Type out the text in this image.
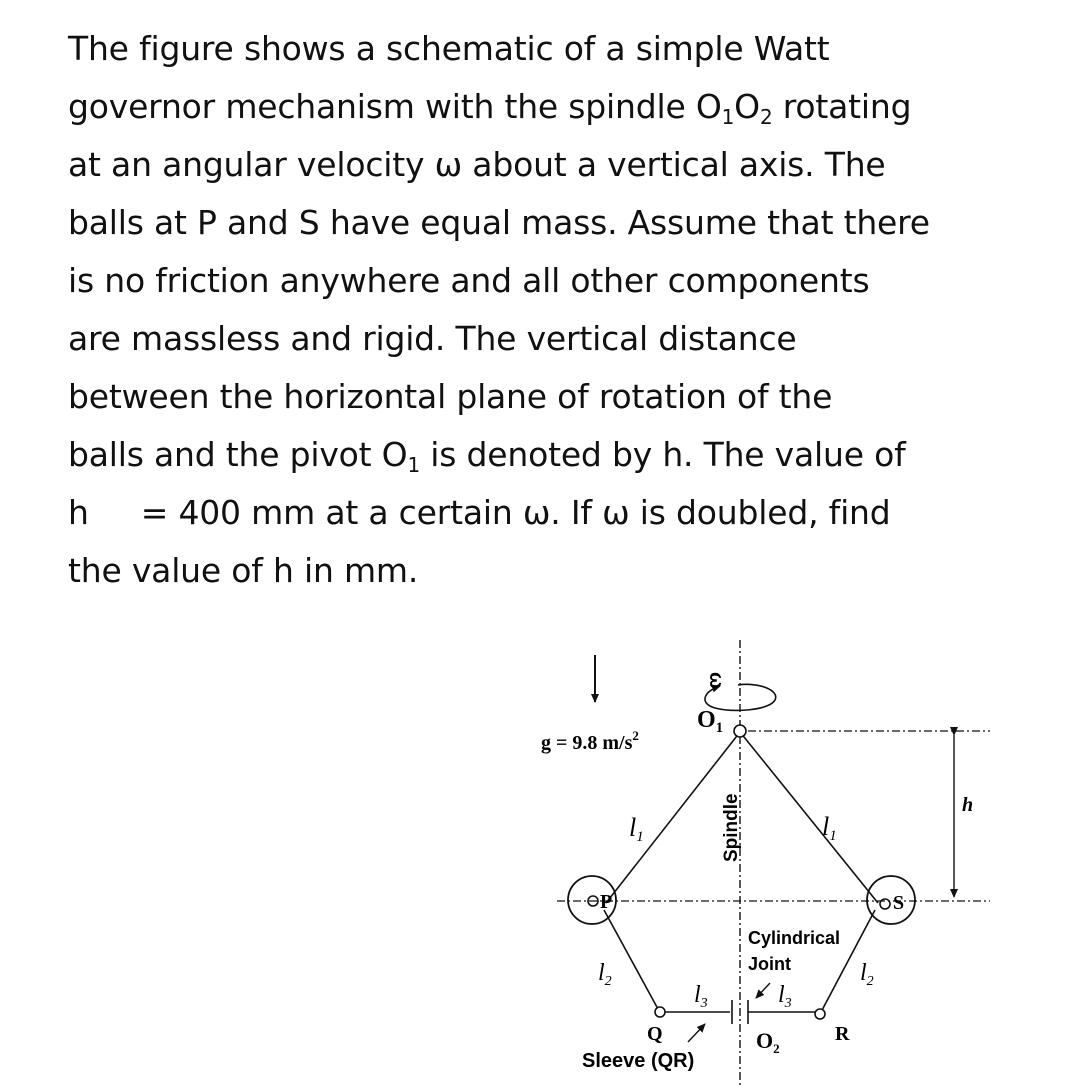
The figure shows a schematic of a simple Watt
governor mechanism with the spindle $O_1O_2$ rotating
at an angular velocity ω about a vertical axis. The
balls at P and S have equal mass. Assume that there
is no friction anywhere and all other components
are massless and rigid. The vertical distance
between the horizontal plane of rotation of the
balls and the pivot $O_1$ is denoted by h. The value of
h = 400 mm at a certain ω. If ω is doubled, find
the value of h in mm.
ω
$O_1$
g = 9.8 $m/s^2$
Spindle
l1	l1
h
P	S
Cylindrical
Joint
$l_2$	$l_2$
$l_3$	$l_3$
Q	R
$O_2$
Sleeve (QR)
